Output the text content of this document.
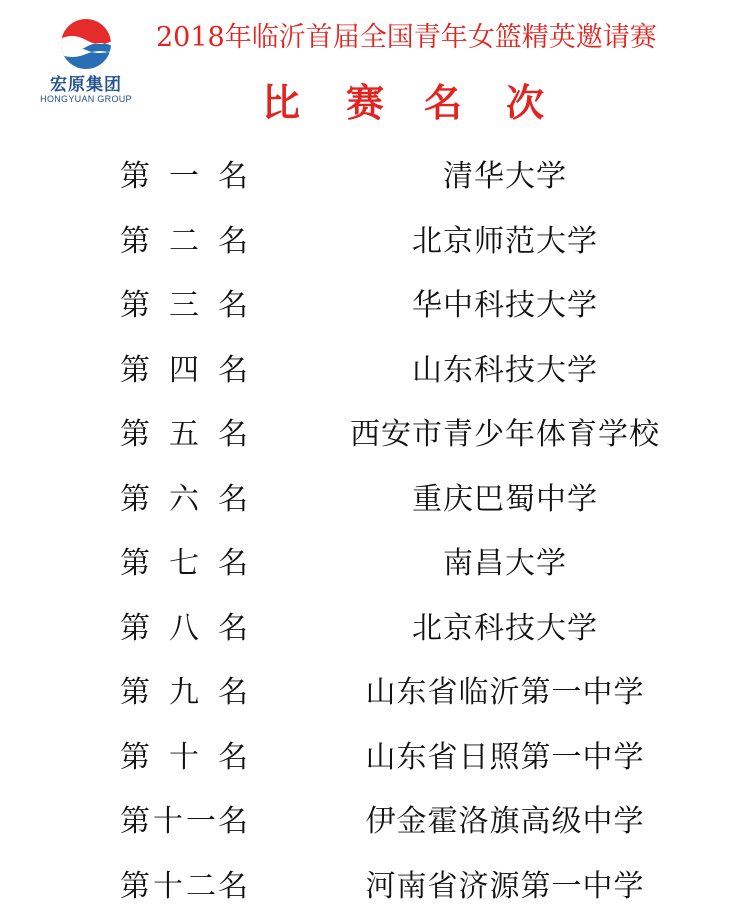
宏原集团
HONGYUAN GROUP
2018年临沂首届全国青年女篮精英邀请赛
比 赛 名 次
第 一 名	清华大学
第 二 名	北京师范大学
第 三 名	华中科技大学
第 四 名	山东科技大学
第 五 名	西安市青少年体育学校
第 六 名	重庆巴蜀中学
第 七 名	南昌大学
第 八 名	北京科技大学
第 九 名	山东省临沂第一中学
第 十 名	山东省日照第一中学
第 十 一 名	伊金霍洛旗高级中学
第 十 二 名	河南省济源第一中学
